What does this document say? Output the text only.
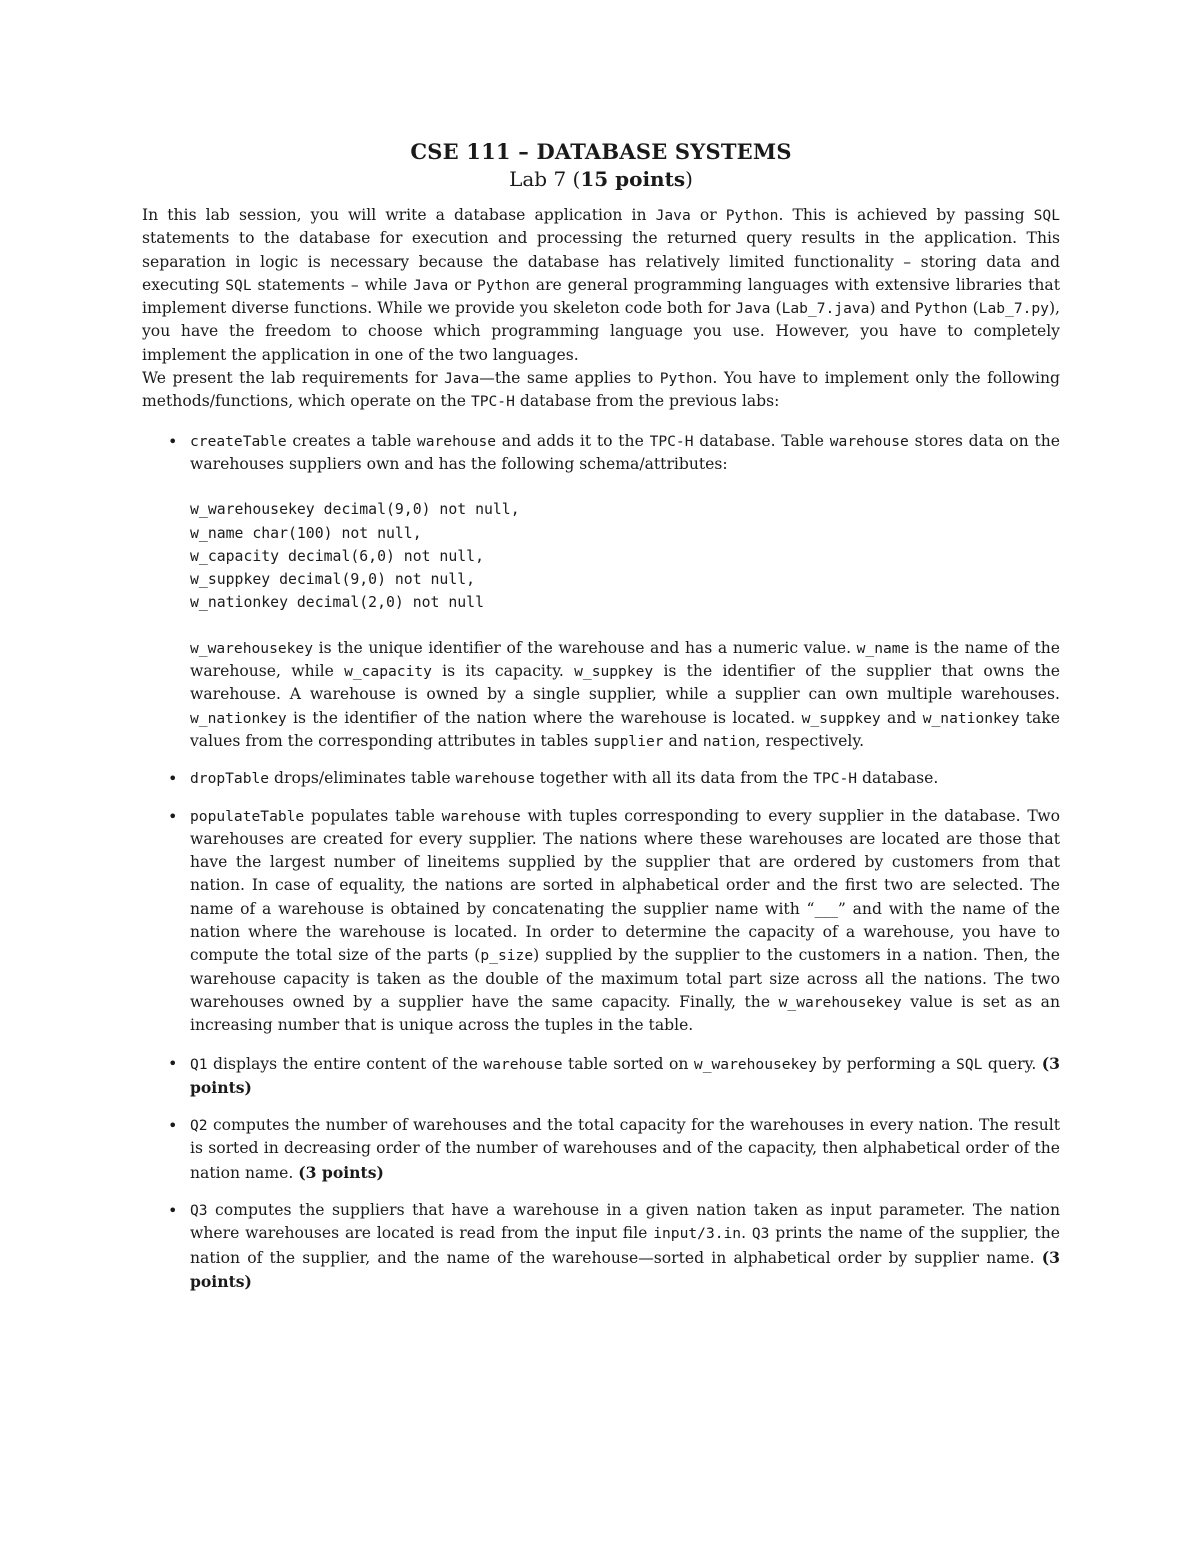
CSE 111 – DATABASE SYSTEMS
Lab 7 (15 points)

In this lab session, you will write a database application in Java or Python. This is achieved by passing SQL statements to the database for execution and processing the returned query results in the application. This separation in logic is necessary because the database has relatively limited functionality – storing data and executing SQL statements – while Java or Python are general programming languages with extensive libraries that implement diverse functions. While we provide you skeleton code both for Java (Lab_7.java) and Python (Lab_7.py), you have the freedom to choose which programming language you use. However, you have to completely implement the application in one of the two languages.

We present the lab requirements for Java—the same applies to Python. You have to implement only the following methods/functions, which operate on the TPC-H database from the previous labs:

• createTable creates a table warehouse and adds it to the TPC-H database. Table warehouse stores data on the warehouses suppliers own and has the following schema/attributes:

w_warehousekey decimal(9,0) not null,
w_name char(100) not null,
w_capacity decimal(6,0) not null,
w_suppkey decimal(9,0) not null,
w_nationkey decimal(2,0) not null

w_warehousekey is the unique identifier of the warehouse and has a numeric value. w_name is the name of the warehouse, while w_capacity is its capacity. w_suppkey is the identifier of the supplier that owns the warehouse. A warehouse is owned by a single supplier, while a supplier can own multiple warehouses. w_nationkey is the identifier of the nation where the warehouse is located. w_suppkey and w_nationkey take values from the corresponding attributes in tables supplier and nation, respectively.

• dropTable drops/eliminates table warehouse together with all its data from the TPC-H database.

• populateTable populates table warehouse with tuples corresponding to every supplier in the database. Two warehouses are created for every supplier. The nations where these warehouses are located are those that have the largest number of lineitems supplied by the supplier that are ordered by customers from that nation. In case of equality, the nations are sorted in alphabetical order and the first two are selected. The name of a warehouse is obtained by concatenating the supplier name with “___” and with the name of the nation where the warehouse is located. In order to determine the capacity of a warehouse, you have to compute the total size of the parts (p_size) supplied by the supplier to the customers in a nation. Then, the warehouse capacity is taken as the double of the maximum total part size across all the nations. The two warehouses owned by a supplier have the same capacity. Finally, the w_warehousekey value is set as an increasing number that is unique across the tuples in the table.

• Q1 displays the entire content of the warehouse table sorted on w_warehousekey by performing a SQL query. (3 points)

• Q2 computes the number of warehouses and the total capacity for the warehouses in every nation. The result is sorted in decreasing order of the number of warehouses and of the capacity, then alphabetical order of the nation name. (3 points)

• Q3 computes the suppliers that have a warehouse in a given nation taken as input parameter. The nation where warehouses are located is read from the input file input/3.in. Q3 prints the name of the supplier, the nation of the supplier, and the name of the warehouse—sorted in alphabetical order by supplier name. (3 points)
